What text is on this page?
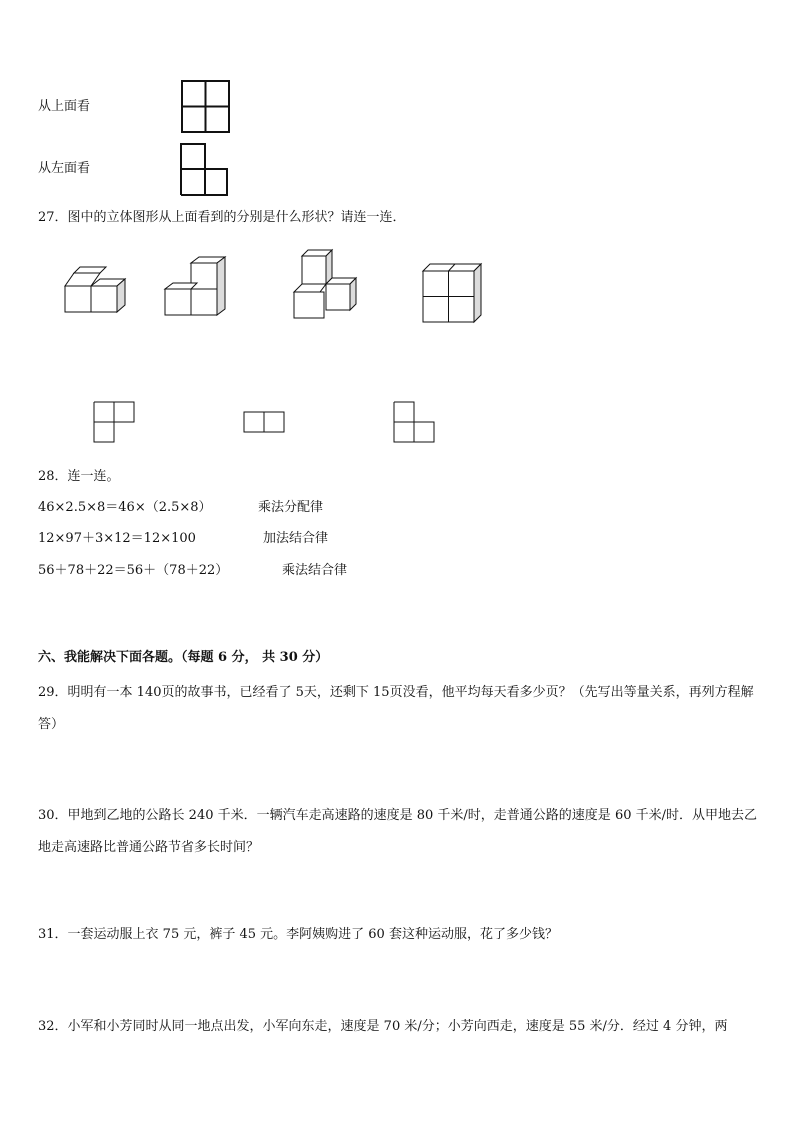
从上面看
从左面看
27．图中的立体图形从上面看到的分别是什么形状？请连一连．
28．连一连。
46×2.5×8＝46×（2.5×8）	乘法分配律
12×97＋3×12＝12×100	加法结合律
56＋78＋22＝56＋（78＋22）	乘法结合律
六、我能解决下面各题。（每题 6 分， 共 30 分）
29．明明有一本 140页的故事书，已经看了 5天，还剩下 15页没看，他平均每天看多少页？（先写出等量关系，再列方程解答）
30．甲地到乙地的公路长 240 千米．一辆汽车走高速路的速度是 80 千米/时，走普通公路的速度是 60 千米/时．从甲地去乙地走高速路比普通公路节省多长时间？
31．一套运动服上衣 75 元，裤子 45 元。李阿姨购进了 60 套这种运动服，花了多少钱？
32．小军和小芳同时从同一地点出发，小军向东走，速度是 70 米/分；小芳向西走，速度是 55 米/分．经过 4 分钟，两
